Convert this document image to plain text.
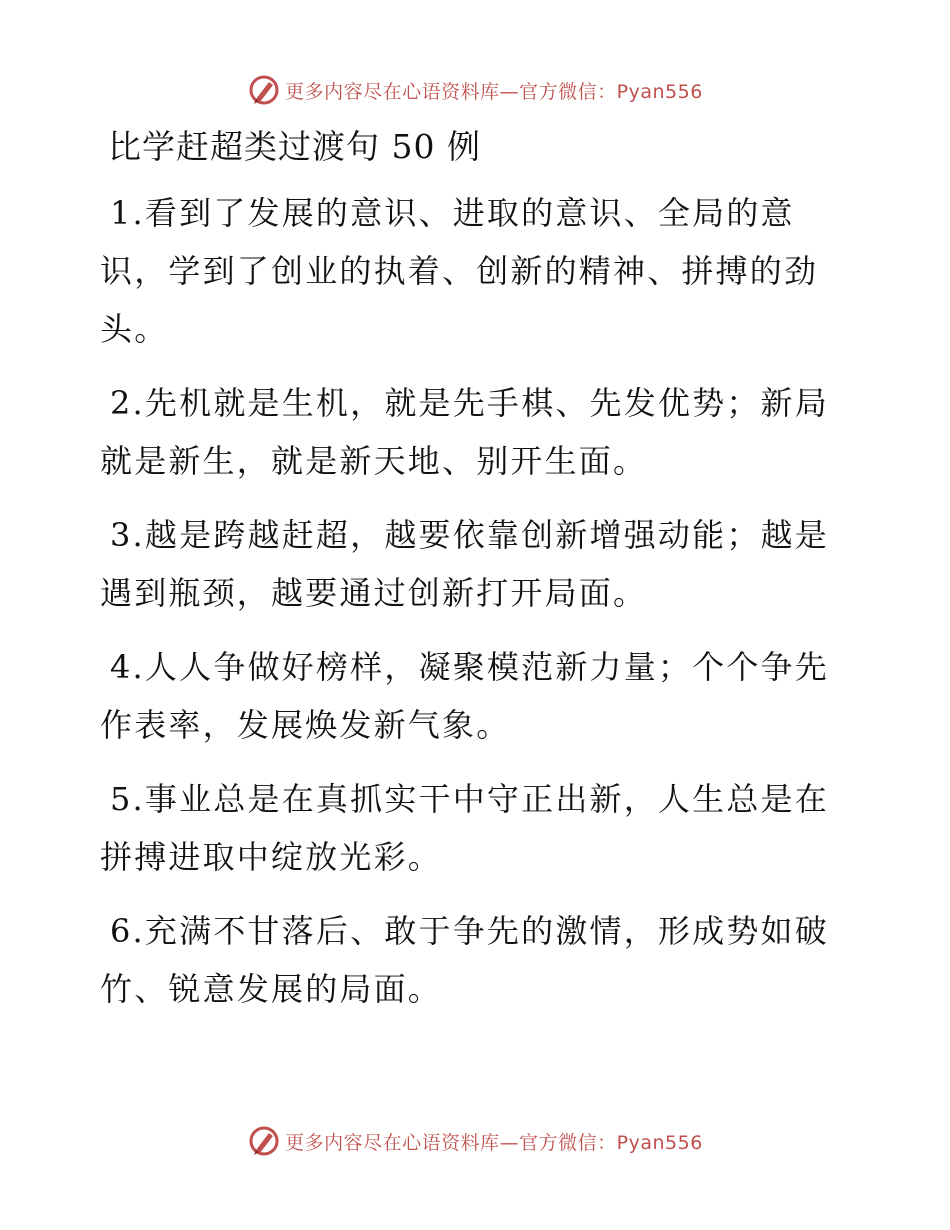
更多内容尽在心语资料库—官方微信：Pyan556
比学赶超类过渡句 50 例

1.看到了发展的意识、进取的意识、全局的意识，学到了创业的执着、创新的精神、拼搏的劲头。

2.先机就是生机，就是先手棋、先发优势；新局就是新生，就是新天地、别开生面。

3.越是跨越赶超，越要依靠创新增强动能；越是遇到瓶颈，越要通过创新打开局面。

4.人人争做好榜样，凝聚模范新力量；个个争先作表率，发展焕发新气象。

5.事业总是在真抓实干中守正出新，人生总是在拼搏进取中绽放光彩。

6.充满不甘落后、敢于争先的激情，形成势如破竹、锐意发展的局面。

更多内容尽在心语资料库—官方微信：Pyan556
